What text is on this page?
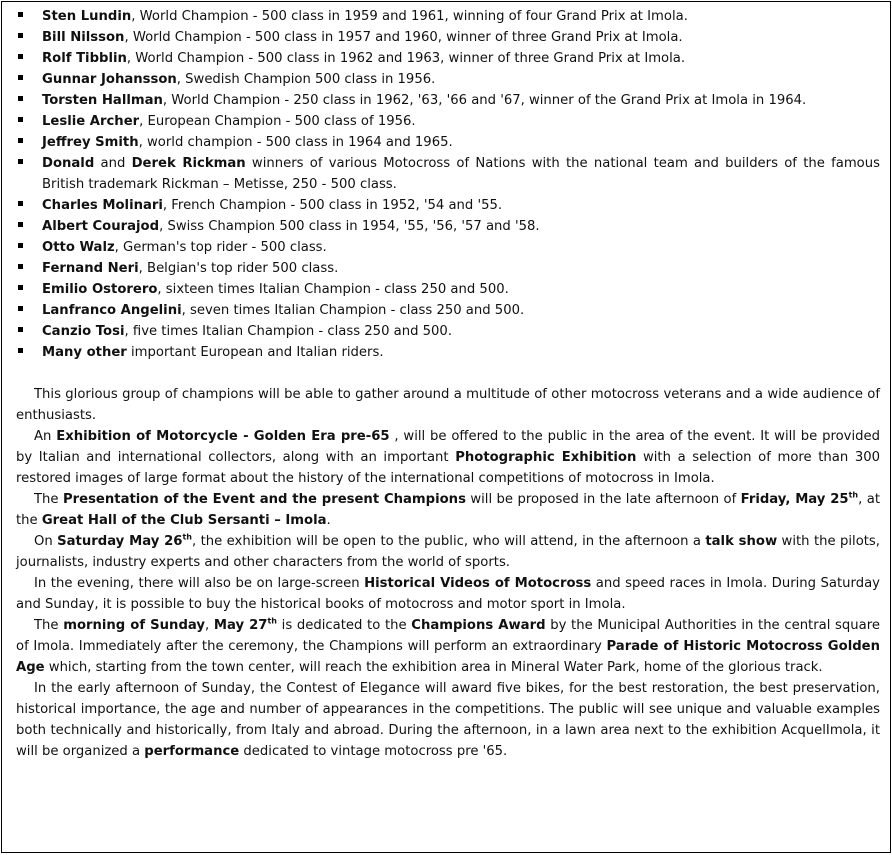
Sten Lundin, World Champion - 500 class in 1959 and 1961, winning of four Grand Prix at Imola.
Bill Nilsson, World Champion - 500 class in 1957 and 1960, winner of three Grand Prix at Imola.
Rolf Tibblin, World Champion - 500 class in 1962 and 1963, winner of three Grand Prix at Imola.
Gunnar Johansson, Swedish Champion 500 class in 1956.
Torsten Hallman, World Champion - 250 class in 1962, '63, '66 and '67, winner of the Grand Prix at Imola in 1964.
Leslie Archer, European Champion - 500 class of 1956.
Jeffrey Smith, world champion - 500 class in 1964 and 1965.
Donald and Derek Rickman winners of various Motocross of Nations with the national team and builders of the famous British trademark Rickman – Metisse, 250 - 500 class.
Charles Molinari, French Champion - 500 class in 1952, '54 and '55.
Albert Courajod, Swiss Champion 500 class in 1954, '55, '56, '57 and '58.
Otto Walz, German's top rider - 500 class.
Fernand Neri, Belgian's top rider 500 class.
Emilio Ostorero, sixteen times Italian Champion - class 250 and 500.
Lanfranco Angelini, seven times Italian Champion - class 250 and 500.
Canzio Tosi, five times Italian Champion - class 250 and 500.
Many other important European and Italian riders.

This glorious group of champions will be able to gather around a multitude of other motocross veterans and a wide audience of enthusiasts.

An Exhibition of Motorcycle - Golden Era pre-65 , will be offered to the public in the area of the event. It will be provided by Italian and international collectors, along with an important Photographic Exhibition with a selection of more than 300 restored images of large format about the history of the international competitions of motocross in Imola.

The Presentation of the Event and the present Champions will be proposed in the late afternoon of Friday, May 25th, at the Great Hall of the Club Sersanti – Imola.

On Saturday May 26th, the exhibition will be open to the public, who will attend, in the afternoon a talk show with the pilots, journalists, industry experts and other characters from the world of sports.

In the evening, there will also be on large-screen Historical Videos of Motocross and speed races in Imola. During Saturday and Sunday, it is possible to buy the historical books of motocross and motor sport in Imola.

The morning of Sunday, May 27th is dedicated to the Champions Award by the Municipal Authorities in the central square of Imola. Immediately after the ceremony, the Champions will perform an extraordinary Parade of Historic Motocross Golden Age which, starting from the town center, will reach the exhibition area in Mineral Water Park, home of the glorious track.

In the early afternoon of Sunday, the Contest of Elegance will award five bikes, for the best restoration, the best preservation, historical importance, the age and number of appearances in the competitions. The public will see unique and valuable examples both technically and historically, from Italy and abroad. During the afternoon, in a lawn area next to the exhibition AcquelImola, it will be organized a performance dedicated to vintage motocross pre '65.
